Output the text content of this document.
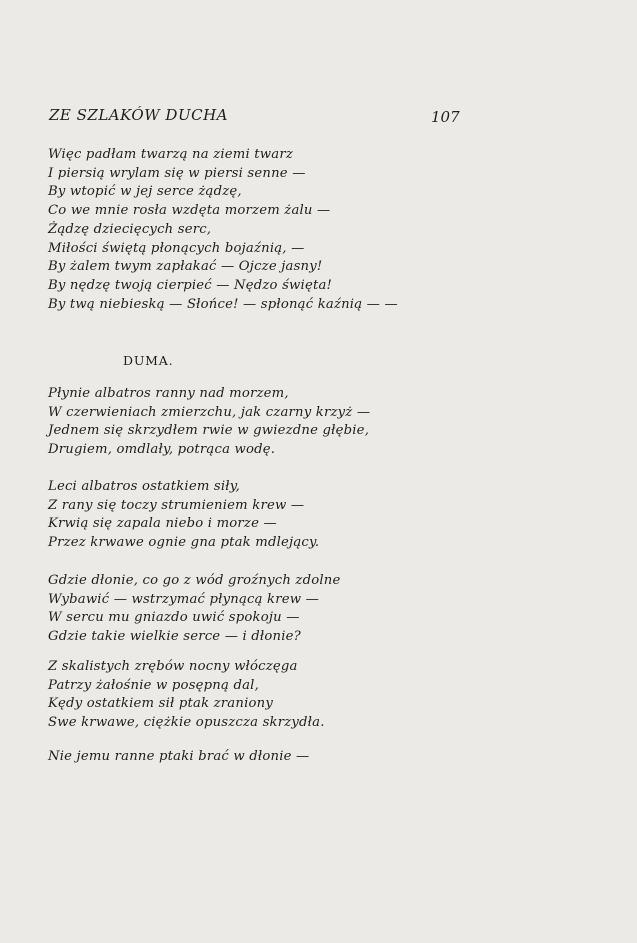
ZE SZLAKÓW DUCHA	107
Więc padłam twarzą na ziemi twarz
I piersią wrylam się w piersi senne —
By wtopić w jej serce żądzę,
Co we mnie rosła wzdęta morzem żalu —
Żądzę dziecięcych serc,
Miłości świętą płonących bojaźnią, —
By żalem twym zapłakać — Ojcze jasny!
By nędzę twoją cierpieć — Nędzo święta!
By twą niebieską — Słońce! — spłonąć kaźnią — —
DUMA.
Płynie albatros ranny nad morzem,
W czerwieniach zmierzchu, jak czarny krzyż —
Jednem się skrzydłem rwie w gwiezdne głębie,
Drugiem, omdlały, potrąca wodę.
Leci albatros ostatkiem siły,
Z rany się toczy strumieniem krew —
Krwią się zapala niebo i morze —
Przez krwawe ognie gna ptak mdlejący.
Gdzie dłonie, co go z wód groźnych zdolne
Wybawić — wstrzymać płynącą krew —
W sercu mu gniazdo uwić spokoju —
Gdzie takie wielkie serce — i dłonie?
Z skalistych zrębów nocny włóczęga
Patrzy żałośnie w posępną dal,
Kędy ostatkiem sił ptak zraniony
Swe krwawe, ciężkie opuszcza skrzydła.
Nie jemu ranne ptaki brać w dłonie —
